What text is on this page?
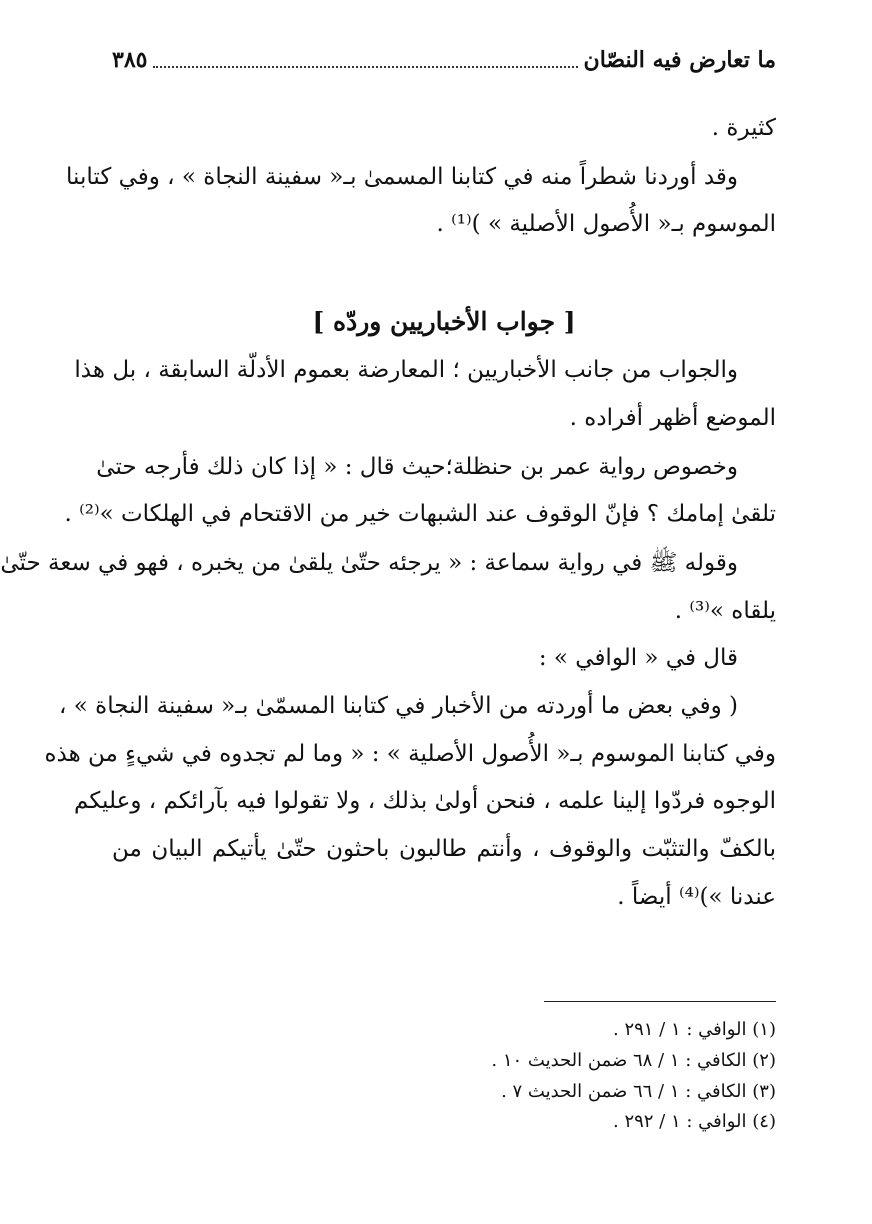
ما تعارض فيه النصّان
٣٨٥
كثيرة .
وقد أوردنا شطراً منه في كتابنا المسمىٰ بـ« سفينة النجاة » ، وفي كتابنا
الموسوم بـ« الأُصول الأصلية » )⁽¹⁾ .
[ جواب الأخباريين وردّه ]
والجواب من جانب الأخباريين ؛ المعارضة بعموم الأدلّة السابقة ، بل هذا
الموضع أظهر أفراده .
وخصوص رواية عمر بن حنظلة؛حيث قال : « إذا كان ذلك فأرجه حتىٰ
تلقىٰ إمامك ؟ فإنّ الوقوف عند الشبهات خير من الاقتحام في الهلكات »⁽²⁾ .
وقوله ﷺ في رواية سماعة : « يرجئه حتّىٰ يلقىٰ من يخبره ، فهو في سعة حتّىٰ
يلقاه »⁽³⁾ .
قال في « الوافي » :
( وفي بعض ما أوردته من الأخبار في كتابنا المسمّىٰ بـ« سفينة النجاة » ،
وفي كتابنا الموسوم بـ« الأُصول الأصلية » : « وما لم تجدوه في شيءٍ من هذه
الوجوه فردّوا إلينا علمه ، فنحن أولىٰ بذلك ، ولا تقولوا فيه بآرائكم ، وعليكم
بالكفّ والتثبّت والوقوف ، وأنتم طالبون باحثون حتّىٰ يأتيكم البيان من
عندنا »)⁽⁴⁾ أيضاً .
(١) الوافي : ١ / ٢٩١ .
(٢) الكافي : ١ / ٦٨ ضمن الحديث ١٠ .
(٣) الكافي : ١ / ٦٦ ضمن الحديث ٧ .
(٤) الوافي : ١ / ٢٩٢ .
